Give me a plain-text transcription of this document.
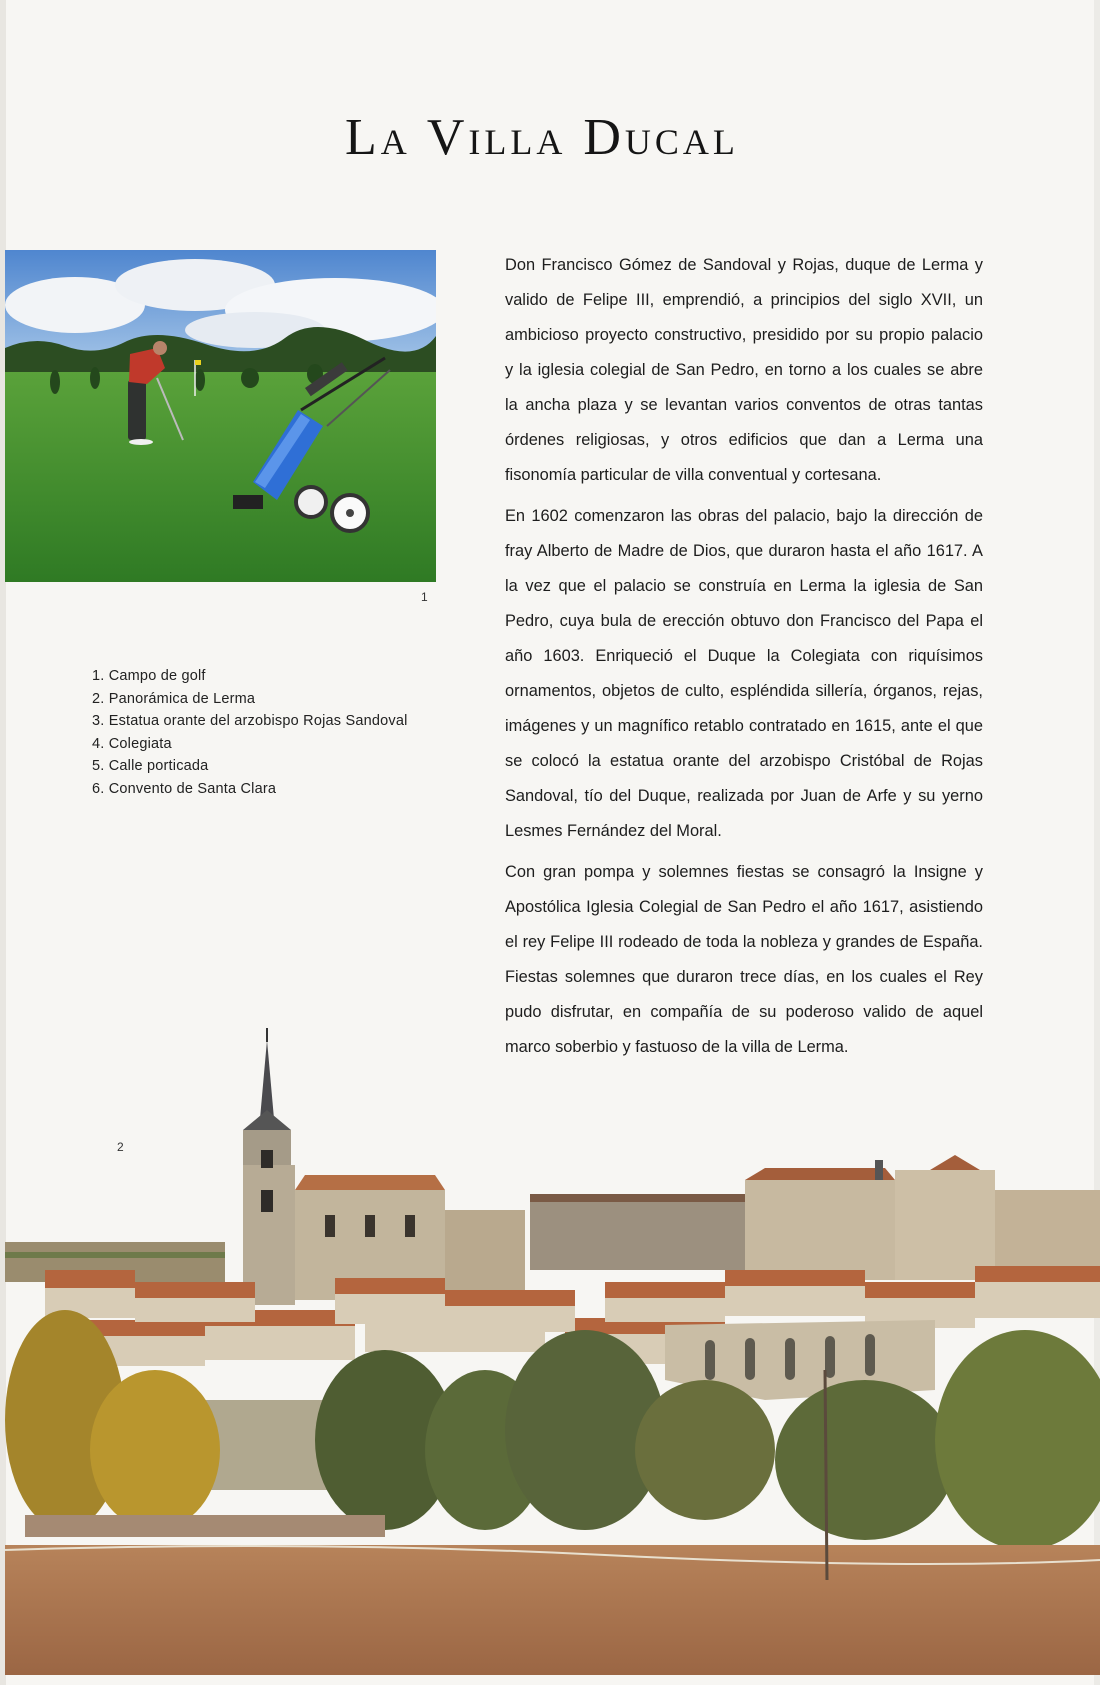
La Villa Ducal
1
1. Campo de golf
2. Panorámica de Lerma
3. Estatua orante del arzobispo Rojas Sandoval
4. Colegiata
5. Calle porticada
6. Convento de Santa Clara

Don Francisco Gómez de Sandoval y Rojas, duque de Lerma y valido de Felipe III, emprendió, a principios del siglo XVII, un ambicioso proyecto constructivo, presidido por su propio palacio y la iglesia colegial de San Pedro, en torno a los cuales se abre la ancha plaza y se levantan varios conventos de otras tantas órdenes religiosas, y otros edificios que dan a Lerma una fisonomía particular de villa conventual y cortesana.

En 1602 comenzaron las obras del palacio, bajo la dirección de fray Alberto de Madre de Dios, que duraron hasta el año 1617. A la vez que el palacio se construía en Lerma la iglesia de San Pedro, cuya bula de erección obtuvo don Francisco del Papa el año 1603. Enriqueció el Duque la Colegiata con riquísimos ornamentos, objetos de culto, espléndida sillería, órganos, rejas, imágenes y un magnífico retablo contratado en 1615, ante el que se colocó la estatua orante del arzobispo Cristóbal de Rojas Sandoval, tío del Duque, realizada por Juan de Arfe y su yerno Lesmes Fernández del Moral.

Con gran pompa y solemnes fiestas se consagró la Insigne y Apostólica Iglesia Colegial de San Pedro el año 1617, asistiendo el rey Felipe III rodeado de toda la nobleza y grandes de España. Fiestas solemnes que duraron trece días, en los cuales el Rey pudo disfrutar, en compañía de su poderoso valido de aquel marco soberbio y fastuoso de la villa de Lerma.

2
